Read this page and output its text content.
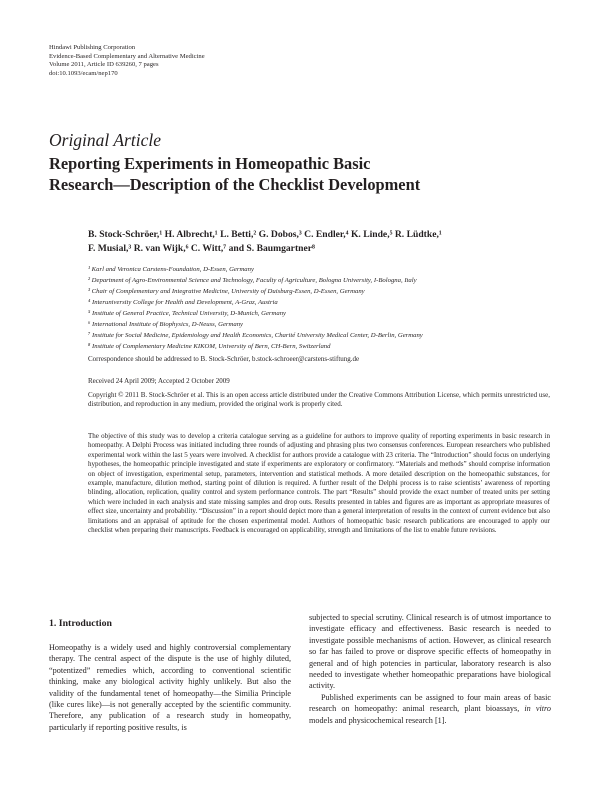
Hindawi Publishing Corporation
Evidence-Based Complementary and Alternative Medicine
Volume 2011, Article ID 639260, 7 pages
doi:10.1093/ecam/nep170
Original Article
Reporting Experiments in Homeopathic Basic
Research—Description of the Checklist Development
B. Stock-Schröer,¹ H. Albrecht,¹ L. Betti,² G. Dobos,³ C. Endler,⁴ K. Linde,⁵ R. Lüdtke,¹
F. Musial,³ R. van Wijk,⁶ C. Witt,⁷ and S. Baumgartner⁸
¹ Karl and Veronica Carstens-Foundation, D-Essen, Germany
² Department of Agro-Environmental Science and Technology, Faculty of Agriculture, Bologna University, I-Bologna, Italy
³ Chair of Complementary and Integrative Medicine, University of Duisburg-Essen, D-Essen, Germany
⁴ Interuniversity College for Health and Development, A-Graz, Austria
⁵ Institute of General Practice, Technical University, D-Munich, Germany
⁶ International Institute of Biophysics, D-Neuss, Germany
⁷ Institute for Social Medicine, Epidemiology and Health Economics, Charité University Medical Center, D-Berlin, Germany
⁸ Institute of Complementary Medicine KIKOM, University of Bern, CH-Bern, Switzerland
Correspondence should be addressed to B. Stock-Schröer, b.stock-schroeer@carstens-stiftung.de
Received 24 April 2009; Accepted 2 October 2009
Copyright © 2011 B. Stock-Schröer et al. This is an open access article distributed under the Creative Commons Attribution License, which permits unrestricted use, distribution, and reproduction in any medium, provided the original work is properly cited.
The objective of this study was to develop a criteria catalogue serving as a guideline for authors to improve quality of reporting experiments in basic research in homeopathy. A Delphi Process was initiated including three rounds of adjusting and phrasing plus two consensus conferences. European researchers who published experimental work within the last 5 years were involved. A checklist for authors provide a catalogue with 23 criteria. The “Introduction” should focus on underlying hypotheses, the homeopathic principle investigated and state if experiments are exploratory or confirmatory. “Materials and methods” should comprise information on object of investigation, experimental setup, parameters, intervention and statistical methods. A more detailed description on the homeopathic substances, for example, manufacture, dilution method, starting point of dilution is required. A further result of the Delphi process is to raise scientists’ awareness of reporting blinding, allocation, replication, quality control and system performance controls. The part “Results” should provide the exact number of treated units per setting which were included in each analysis and state missing samples and drop outs. Results presented in tables and figures are as important as appropriate measures of effect size, uncertainty and probability. “Discussion” in a report should depict more than a general interpretation of results in the context of current evidence but also limitations and an appraisal of aptitude for the chosen experimental model. Authors of homeopathic basic research publications are encouraged to apply our checklist when preparing their manuscripts. Feedback is encouraged on applicability, strength and limitations of the list to enable future revisions.
1. Introduction

Homeopathy is a widely used and highly controversial complementary therapy. The central aspect of the dispute is the use of highly diluted, “potentized” remedies which, according to conventional scientific thinking, make any biological activity highly unlikely. But also the validity of the fundamental tenet of homeopathy—the Similia Principle (like cures like)—is not generally accepted by the scientific community. Therefore, any publication of a research study in homeopathy, particularly if reporting positive results, is

subjected to special scrutiny. Clinical research is of utmost importance to investigate efficacy and effectiveness. Basic research is needed to investigate possible mechanisms of action. However, as clinical research so far has failed to prove or disprove specific effects of homeopathy in general and of high potencies in particular, laboratory research is also needed to investigate whether homeopathic preparations have biological activity.

Published experiments can be assigned to four main areas of basic research on homeopathy: animal research, plant bioassays, in vitro models and physicochemical research [1].
